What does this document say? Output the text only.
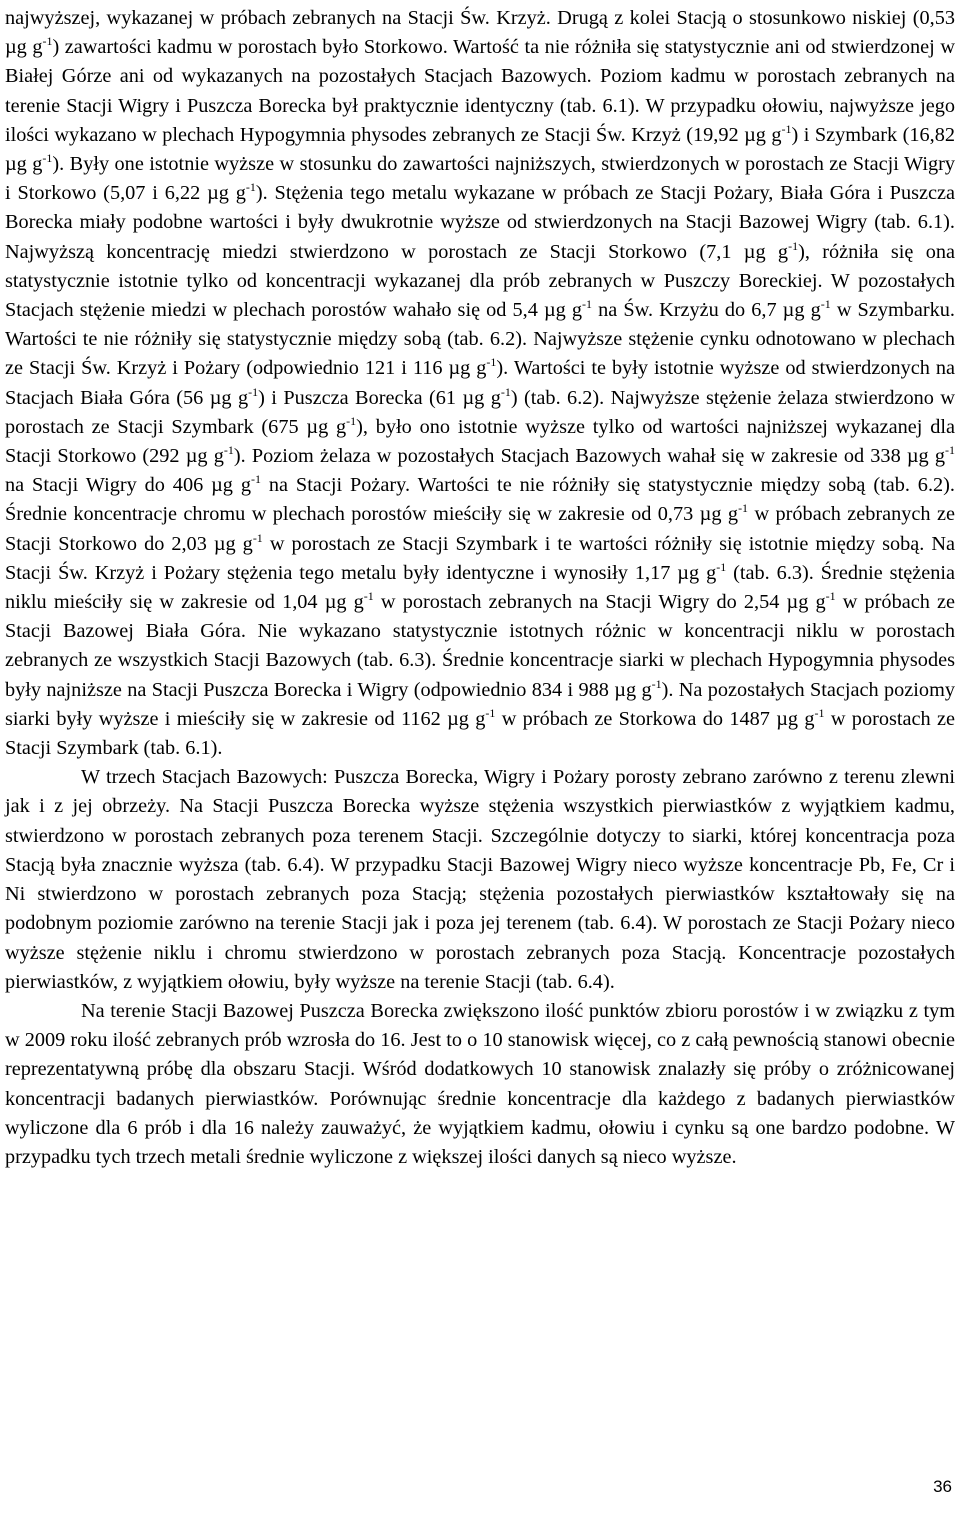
najwyższej, wykazanej w próbach zebranych na Stacji Św. Krzyż. Drugą z kolei Stacją o stosunkowo niskiej (0,53 µg $g^{-1}$) zawartości kadmu w porostach było Storkowo. Wartość ta nie różniła się statystycznie ani od stwierdzonej w Białej Górze ani od wykazanych na pozostałych Stacjach Bazowych. Poziom kadmu w porostach zebranych na terenie Stacji Wigry i Puszcza Borecka był praktycznie identyczny (tab. 6.1). W przypadku ołowiu, najwyższe jego ilości wykazano w plechach Hypogymnia physodes zebranych ze Stacji Św. Krzyż (19,92 µg $g^{-1}$) i Szymbark (16,82 µg $g^{-1}$). Były one istotnie wyższe w stosunku do zawartości najniższych, stwierdzonych w porostach ze Stacji Wigry i Storkowo (5,07 i 6,22 µg $g^{-1}$). Stężenia tego metalu wykazane w próbach ze Stacji Pożary, Biała Góra i Puszcza Borecka miały podobne wartości i były dwukrotnie wyższe od stwierdzonych na Stacji Bazowej Wigry (tab. 6.1). Najwyższą koncentrację miedzi stwierdzono w porostach ze Stacji Storkowo (7,1 µg $g^{-1}$), różniła się ona statystycznie istotnie tylko od koncentracji wykazanej dla prób zebranych w Puszczy Boreckiej. W pozostałych Stacjach stężenie miedzi w plechach porostów wahało się od 5,4 µg $g^{-1}$ na Św. Krzyżu do 6,7 µg $g^{-1}$ w Szymbarku. Wartości te nie różniły się statystycznie między sobą (tab. 6.2). Najwyższe stężenie cynku odnotowano w plechach ze Stacji Św. Krzyż i Pożary (odpowiednio 121 i 116 µg $g^{-1}$). Wartości te były istotnie wyższe od stwierdzonych na Stacjach Biała Góra (56 µg $g^{-1}$) i Puszcza Borecka (61 µg $g^{-1}$) (tab. 6.2). Najwyższe stężenie żelaza stwierdzono w porostach ze Stacji Szymbark (675 µg $g^{-1}$), było ono istotnie wyższe tylko od wartości najniższej wykazanej dla Stacji Storkowo (292 µg $g^{-1}$). Poziom żelaza w pozostałych Stacjach Bazowych wahał się w zakresie od 338 µg $g^{-1}$ na Stacji Wigry do 406 µg $g^{-1}$ na Stacji Pożary. Wartości te nie różniły się statystycznie między sobą (tab. 6.2). Średnie koncentracje chromu w plechach porostów mieściły się w zakresie od 0,73 µg $g^{-1}$ w próbach zebranych ze Stacji Storkowo do 2,03 µg $g^{-1}$ w porostach ze Stacji Szymbark i te wartości różniły się istotnie między sobą. Na Stacji Św. Krzyż i Pożary stężenia tego metalu były identyczne i wynosiły 1,17 µg $g^{-1}$ (tab. 6.3). Średnie stężenia niklu mieściły się w zakresie od 1,04 µg $g^{-1}$ w porostach zebranych na Stacji Wigry do 2,54 µg $g^{-1}$ w próbach ze Stacji Bazowej Biała Góra. Nie wykazano statystycznie istotnych różnic w koncentracji niklu w porostach zebranych ze wszystkich Stacji Bazowych (tab. 6.3). Średnie koncentracje siarki w plechach Hypogymnia physodes były najniższe na Stacji Puszcza Borecka i Wigry (odpowiednio 834 i 988 µg $g^{-1}$). Na pozostałych Stacjach poziomy siarki były wyższe i mieściły się w zakresie od 1162 µg $g^{-1}$ w próbach ze Storkowa do 1487 µg $g^{-1}$ w porostach ze Stacji Szymbark (tab. 6.1).

W trzech Stacjach Bazowych: Puszcza Borecka, Wigry i Pożary porosty zebrano zarówno z terenu zlewni jak i z jej obrzeży. Na Stacji Puszcza Borecka wyższe stężenia wszystkich pierwiastków z wyjątkiem kadmu, stwierdzono w porostach zebranych poza terenem Stacji. Szczególnie dotyczy to siarki, której koncentracja poza Stacją była znacznie wyższa (tab. 6.4). W przypadku Stacji Bazowej Wigry nieco wyższe koncentracje Pb, Fe, Cr i Ni stwierdzono w porostach zebranych poza Stacją; stężenia pozostałych pierwiastków kształtowały się na podobnym poziomie zarówno na terenie Stacji jak i poza jej terenem (tab. 6.4). W porostach ze Stacji Pożary nieco wyższe stężenie niklu i chromu stwierdzono w porostach zebranych poza Stacją. Koncentracje pozostałych pierwiastków, z wyjątkiem ołowiu, były wyższe na terenie Stacji (tab. 6.4).

Na terenie Stacji Bazowej Puszcza Borecka zwiększono ilość punktów zbioru porostów i w związku z tym w 2009 roku ilość zebranych prób wzrosła do 16. Jest to o 10 stanowisk więcej, co z całą pewnością stanowi obecnie reprezentatywną próbę dla obszaru Stacji. Wśród dodatkowych 10 stanowisk znalazły się próby o zróżnicowanej koncentracji badanych pierwiastków. Porównując średnie koncentracje dla każdego z badanych pierwiastków wyliczone dla 6 prób i dla 16 należy zauważyć, że wyjątkiem kadmu, ołowiu i cynku są one bardzo podobne. W przypadku tych trzech metali średnie wyliczone z większej ilości danych są nieco wyższe.

36
